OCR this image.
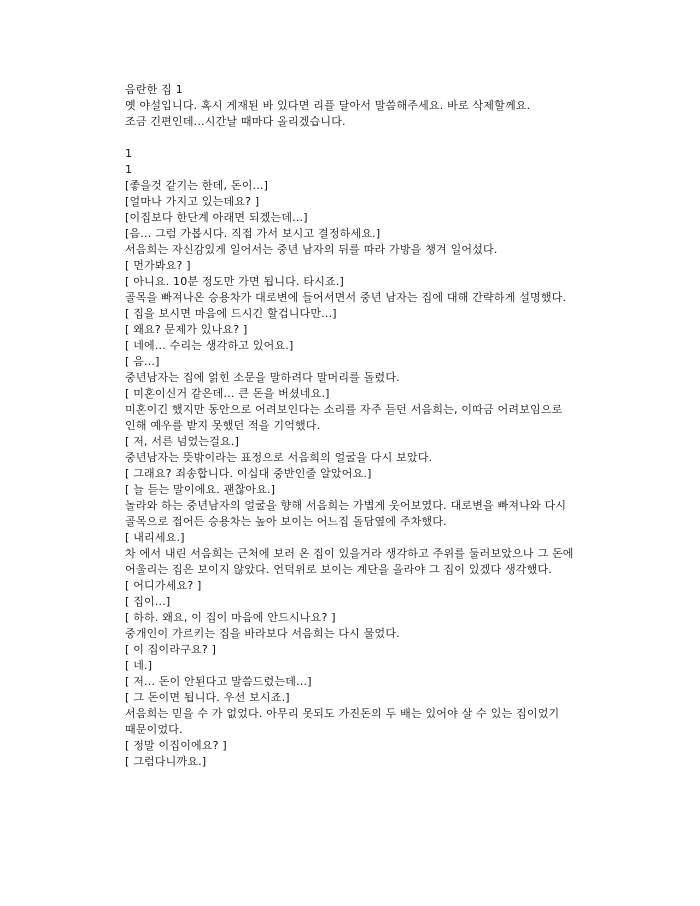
음란한 집 1

옛 야설입니다. 혹시 게재된 바 있다면 리플 달아서 말씀해주세요. 바로 삭제할께요.

조금 긴편인데...시간날 때마다 올리겠습니다.

1

1

[좋을것 같기는 한데, 돈이...]

[얼마나 가지고 있는데요? ]

[이집보다 한단계 아래면 되겠는데...]

[음... 그럼 가봅시다. 직접 가서 보시고 결정하세요.]

서음희는 자신감있게 일어서는 중년 남자의 뒤를 따라 가방을 챙겨 일어섰다.

[ 먼가봐요? ]

[ 아니요. 10분 정도만 가면 됩니다. 타시죠.]

골목을 빠져나온 승용차가 대로변에 들어서면서 중년 남자는 집에 대해 간략하게 설명했다.

[ 집을 보시면 마음에 드시긴 할겁니다만...]

[ 왜요? 문제가 있나요? ]

[ 네에... 수리는 생각하고 있어요.]

[ 음...]

중년남자는 집에 얽힌 소문을 말하려다 말머리를 돌렸다.

[ 미혼이신거 같은데... 큰 돈을 버셨네요.]

미혼이긴 했지만 동안으로 어려보인다는 소리를 자주 듣던 서음희는, 이따금 어려보임으로 인해 예우를 받지 못했던 적을 기억했다.

[ 저, 서른 넘었는걸요.]

중년남자는 뜻밖이라는 표정으로 서음희의 얼굴을 다시 보았다.

[ 그래요? 죄송합니다. 이십대 중반인줄 알았어요.]

[ 늘 듣는 말이에요. 괜찮아요.]

놀라와 하는 중년남자의 얼굴을 향해 서음희는 가볍게 웃어보였다. 대로변을 빠져나와 다시 골목으로 접어든 승용차는 높아 보이는 어느집 돌담옆에 주차했다.

[ 내리세요.]

차 에서 내린 서음희는 근처에 보러 온 집이 있을거라 생각하고 주위를 둘러보았으나 그 돈에 어울리는 집은 보이지 않았다. 언덕위로 보이는 계단을 올라야 그 집이 있겠다 생각했다.

[ 어디가세요? ]

[ 집이...]

[ 하하. 왜요, 이 집이 마음에 안드시나요? ]

중개인이 가르키는 집을 바라보다 서음희는 다시 물었다.

[ 이 집이라구요? ]

[ 네.]

[ 저... 돈이 안된다고 말씀드렸는데...]

[ 그 돈이면 됩니다. 우선 보시죠.]

서음희는 믿을 수 가 없었다. 아무리 못되도 가진돈의 두 배는 있어야 살 수 있는 집이었기 때문이었다.

[ 정말 이집이에요? ]

[ 그럼다니까요.]
